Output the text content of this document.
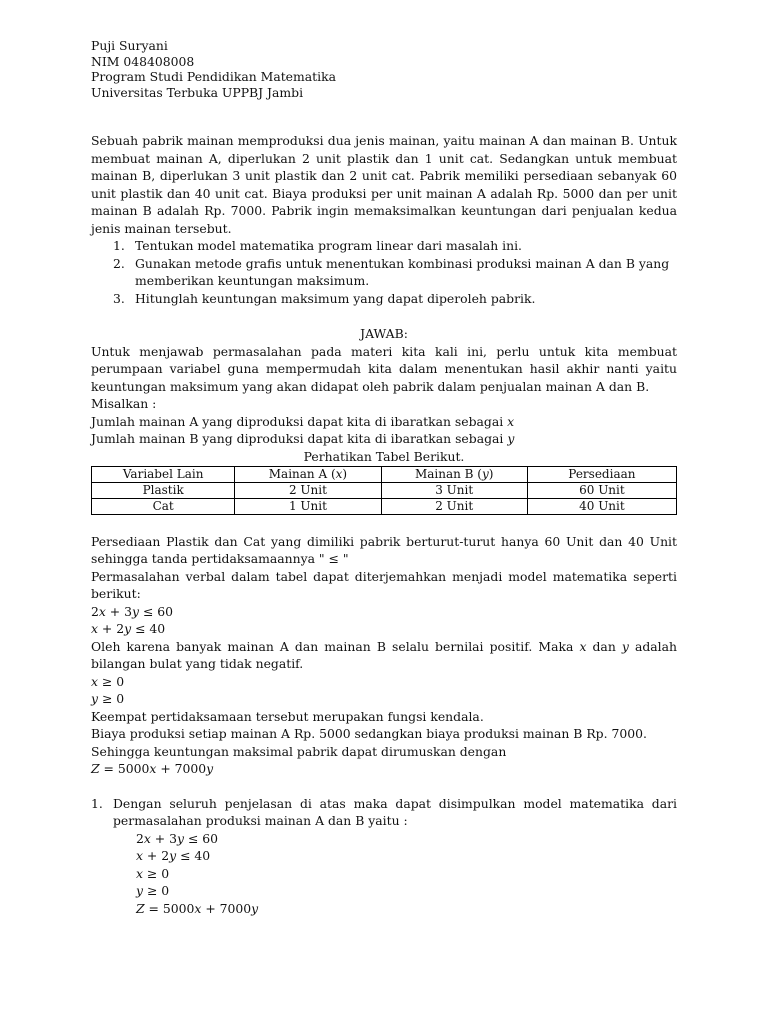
Puji Suryani

NIM 048408008

Program Studi Pendidikan Matematika

Universitas Terbuka UPPBJ Jambi

Sebuah pabrik mainan memproduksi dua jenis mainan, yaitu mainan A dan mainan B. Untuk membuat mainan A, diperlukan 2 unit plastik dan 1 unit cat. Sedangkan untuk membuat mainan B, diperlukan 3 unit plastik dan 2 unit cat. Pabrik memiliki persediaan sebanyak 60 unit plastik dan 40 unit cat. Biaya produksi per unit mainan A adalah Rp. 5000 dan per unit mainan B adalah Rp. 7000. Pabrik ingin memaksimalkan keuntungan dari penjualan kedua jenis mainan tersebut.

1. Tentukan model matematika program linear dari masalah ini.
2. Gunakan metode grafis untuk menentukan kombinasi produksi mainan A dan B yang memberikan keuntungan maksimum.
3. Hitunglah keuntungan maksimum yang dapat diperoleh pabrik.

JAWAB:

Untuk menjawab permasalahan pada materi kita kali ini, perlu untuk kita membuat perumpaan variabel guna mempermudah kita dalam menentukan hasil akhir nanti yaitu keuntungan maksimum yang akan didapat oleh pabrik dalam penjualan mainan A dan B.

Misalkan :

Jumlah mainan A yang diproduksi dapat kita di ibaratkan sebagai x

Jumlah mainan B yang diproduksi dapat kita di ibaratkan sebagai y

Perhatikan Tabel Berikut.

Variabel Lain	Mainan A (𝑥)	Mainan B (𝑦)	Persediaan
Plastik	2 Unit	3 Unit	60 Unit
Cat	1 Unit	2 Unit	40 Unit

Persediaan Plastik dan Cat yang dimiliki pabrik berturut-turut hanya 60 Unit dan 40 Unit sehingga tanda pertidaksamaannya " ≤ "

Permasalahan verbal dalam tabel dapat diterjemahkan menjadi model matematika seperti berikut:

2𝑥 + 3𝑦 ≤ 60

𝑥 + 2𝑦 ≤ 40

Oleh karena banyak mainan A dan mainan B selalu bernilai positif. Maka 𝑥 dan 𝑦 adalah bilangan bulat yang tidak negatif.

𝑥 ≥ 0

𝑦 ≥ 0

Keempat pertidaksamaan tersebut merupakan fungsi kendala.

Biaya produksi setiap mainan A Rp. 5000 sedangkan biaya produksi mainan B Rp. 7000.

Sehingga keuntungan maksimal pabrik dapat dirumuskan dengan

𝑍 = 5000𝑥 + 7000𝑦

1. Dengan seluruh penjelasan di atas maka dapat disimpulkan model matematika dari permasalahan produksi mainan A dan B yaitu :

2𝑥 + 3𝑦 ≤ 60

𝑥 + 2𝑦 ≤ 40

𝑥 ≥ 0

𝑦 ≥ 0

𝑍 = 5000𝑥 + 7000𝑦
